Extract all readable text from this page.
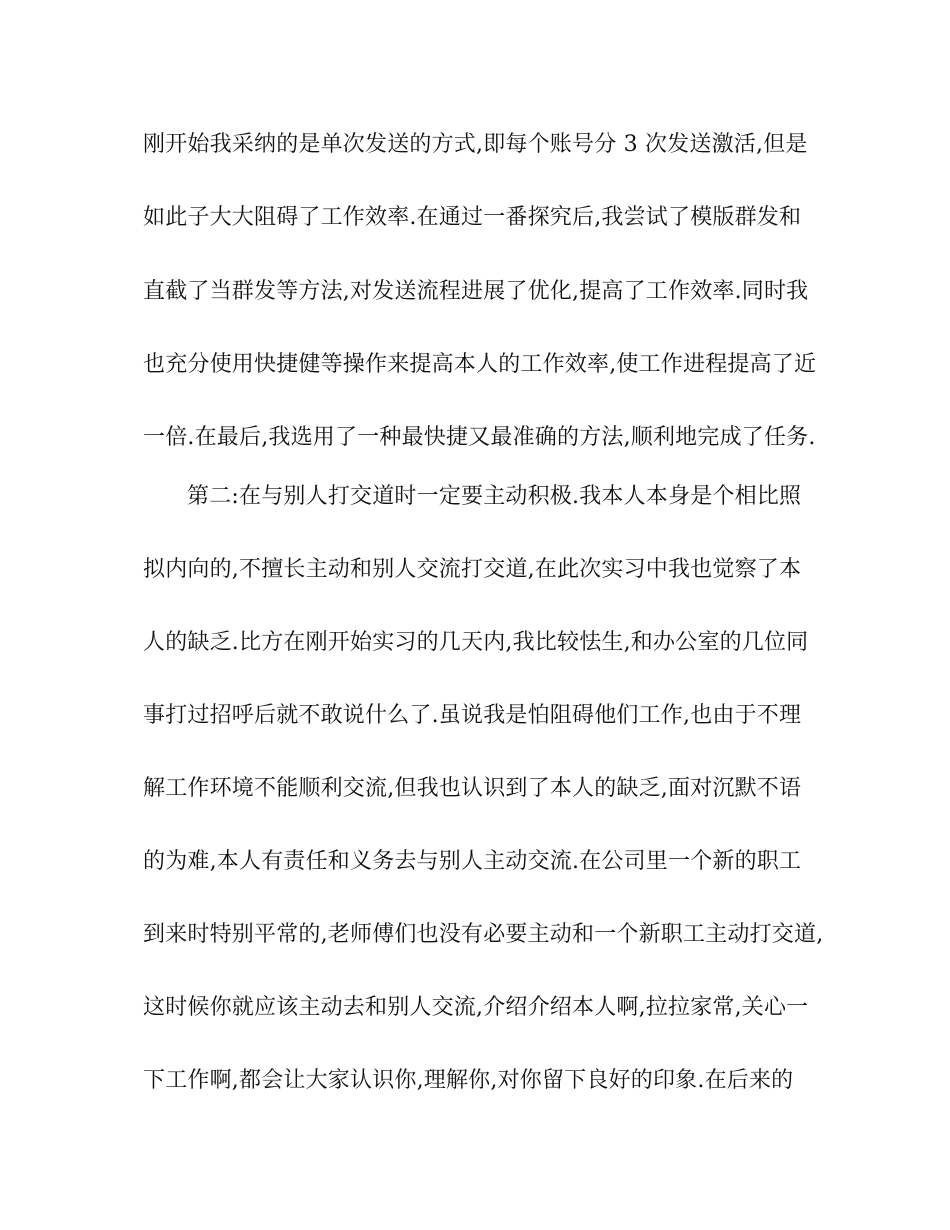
刚开始我采纳的是单次发送的方式,即每个账号分 3 次发送激活,但是

如此子大大阻碍了工作效率.在通过一番探究后,我尝试了模版群发和

直截了当群发等方法,对发送流程进展了优化,提高了工作效率.同时我

也充分使用快捷健等操作来提高本人的工作效率,使工作进程提高了近

一倍.在最后,我选用了一种最快捷又最准确的方法,顺利地完成了任务.

第二:在与别人打交道时一定要主动积极.我本人本身是个相比照

拟内向的,不擅长主动和别人交流打交道,在此次实习中我也觉察了本

人的缺乏.比方在刚开始实习的几天内,我比较怯生,和办公室的几位同

事打过招呼后就不敢说什么了.虽说我是怕阻碍他们工作,也由于不理

解工作环境不能顺利交流,但我也认识到了本人的缺乏,面对沉默不语

的为难,本人有责任和义务去与别人主动交流.在公司里一个新的职工

到来时特别平常的,老师傅们也没有必要主动和一个新职工主动打交道,

这时候你就应该主动去和别人交流,介绍介绍本人啊,拉拉家常,关心一

下工作啊,都会让大家认识你,理解你,对你留下良好的印象.在后来的
